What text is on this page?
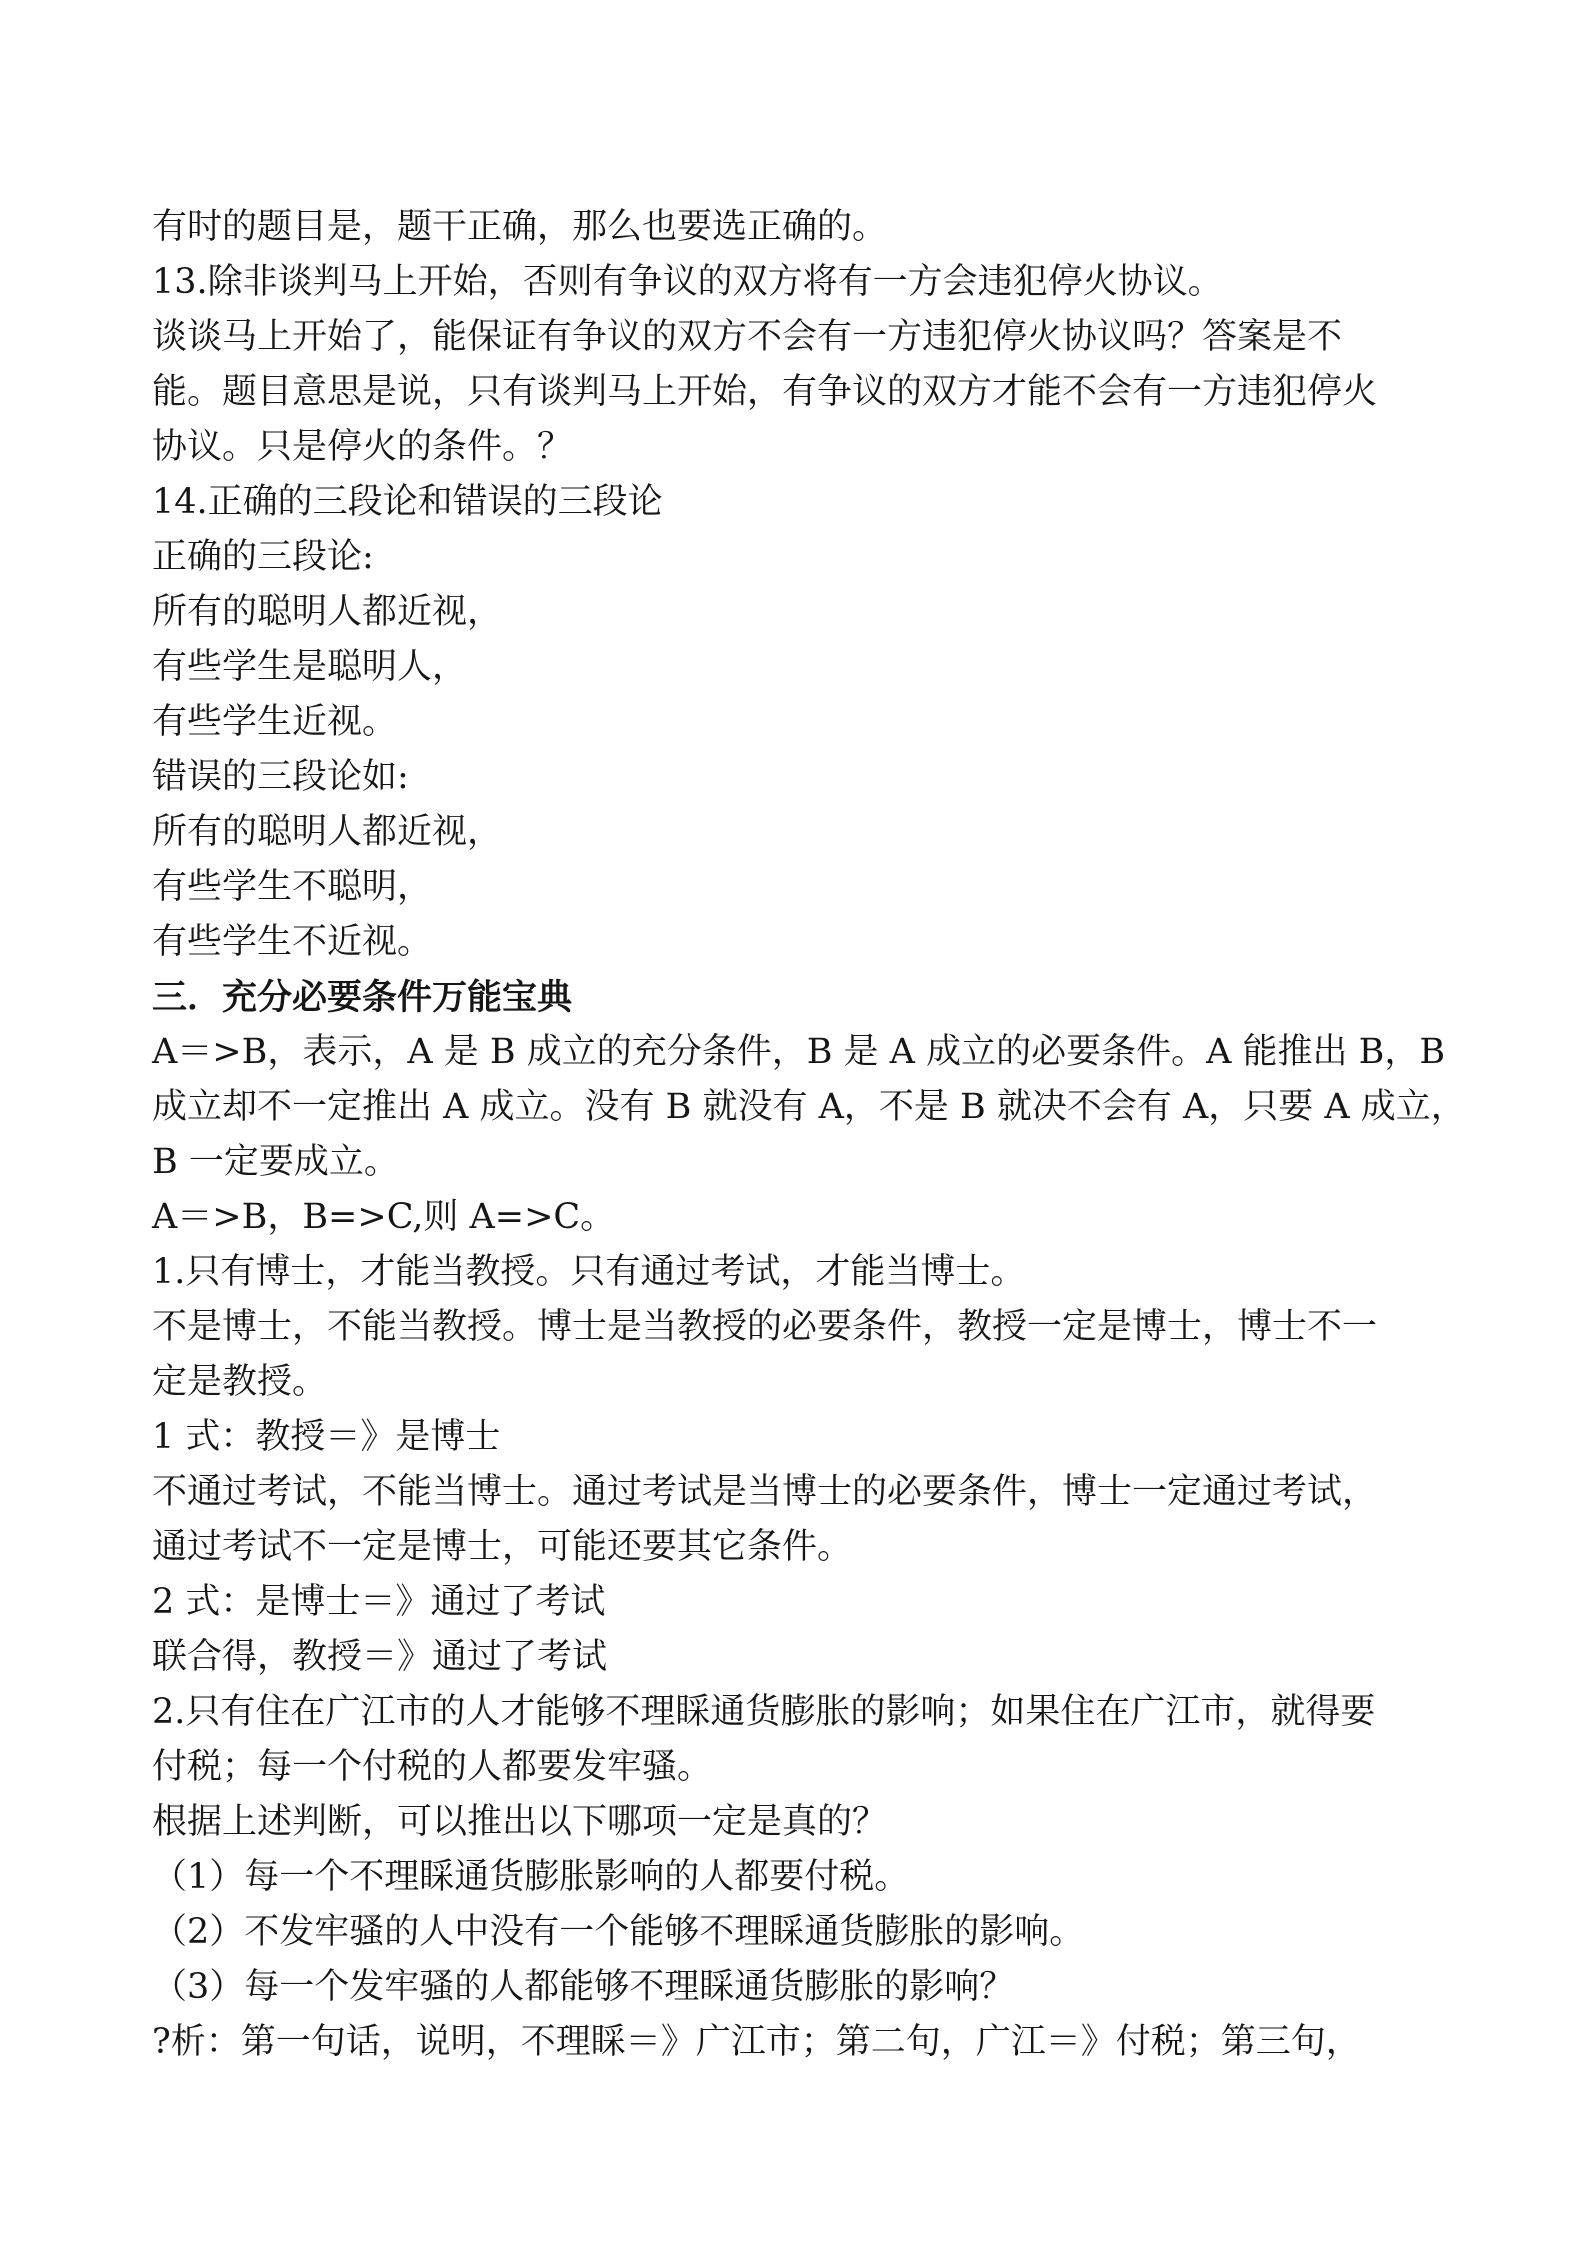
有时的题目是，题干正确，那么也要选正确的。

13.除非谈判马上开始，否则有争议的双方将有一方会违犯停火协议。

谈谈马上开始了，能保证有争议的双方不会有一方违犯停火协议吗？答案是不

能。题目意思是说，只有谈判马上开始，有争议的双方才能不会有一方违犯停火

协议。只是停火的条件。？

14.正确的三段论和错误的三段论

正确的三段论:

所有的聪明人都近视，

有些学生是聪明人，

有些学生近视。

错误的三段论如:

所有的聪明人都近视，

有些学生不聪明，

有些学生不近视。

三．充分必要条件万能宝典

A＝>B，表示，A 是 B 成立的充分条件，B 是 A 成立的必要条件。A 能推出 B，B

成立却不一定推出 A 成立。没有 B 就没有 A，不是 B 就决不会有 A，只要 A 成立，

B 一定要成立。

A＝>B，B=>C,则 A=>C。

1.只有博士，才能当教授。只有通过考试，才能当博士。

不是博士，不能当教授。博士是当教授的必要条件，教授一定是博士，博士不一

定是教授。

1 式：教授＝》是博士

不通过考试，不能当博士。通过考试是当博士的必要条件，博士一定通过考试，

通过考试不一定是博士，可能还要其它条件。

2 式：是博士＝》通过了考试

联合得，教授＝》通过了考试

2.只有住在广江市的人才能够不理睬通货膨胀的影响；如果住在广江市，就得要

付税；每一个付税的人都要发牢骚。

根据上述判断，可以推出以下哪项一定是真的？

（1）每一个不理睬通货膨胀影响的人都要付税。

（2）不发牢骚的人中没有一个能够不理睬通货膨胀的影响。

（3）每一个发牢骚的人都能够不理睬通货膨胀的影响？

?析：第一句话，说明，不理睬＝》广江市；第二句，广江＝》付税；第三句，
